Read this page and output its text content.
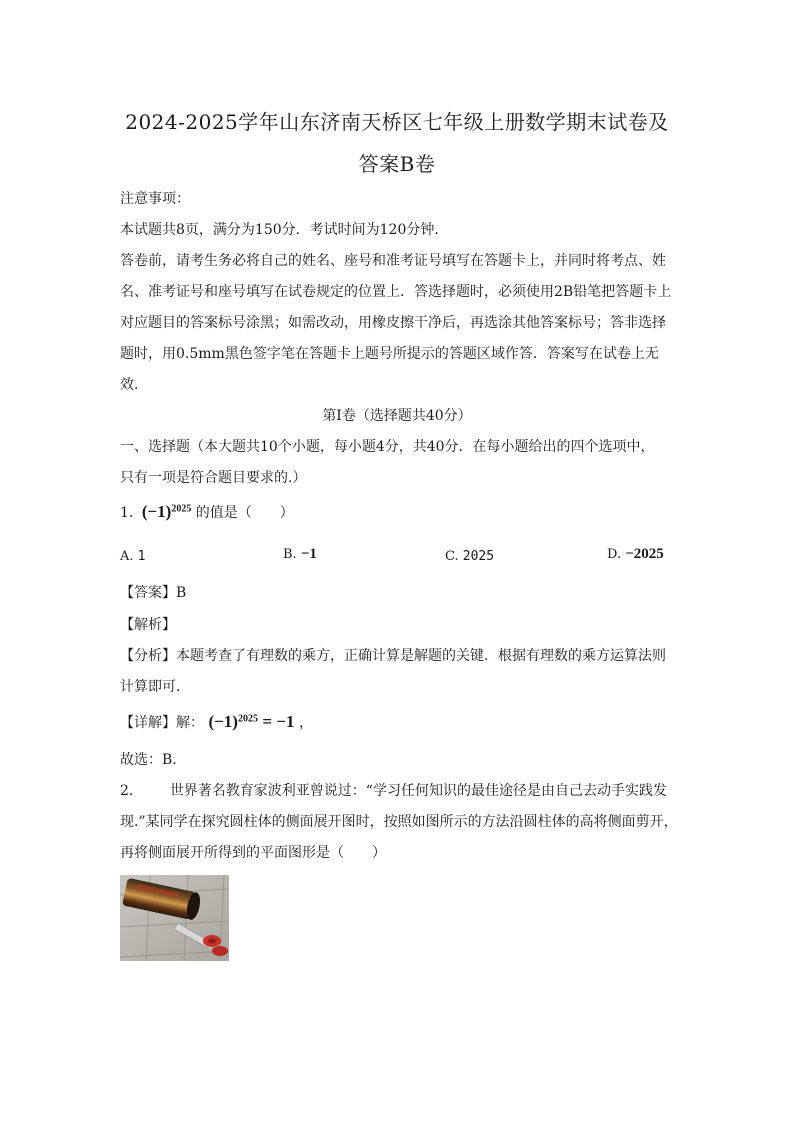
2024-2025学年山东济南天桥区七年级上册数学期末试卷及
答案B卷

注意事项：

本试题共8页，满分为150分．考试时间为120分钟．

答卷前，请考生务必将自己的姓名、座号和准考证号填写在答题卡上，并同时将考点、姓

名、准考证号和座号填写在试卷规定的位置上．答选择题时，必须使用2B铅笔把答题卡上

对应题目的答案标号涂黑；如需改动，用橡皮擦干净后，再选涂其他答案标号；答非选择

题时，用0.5mm黑色签字笔在答题卡上题号所提示的答题区域作答．答案写在试卷上无

效．

第Ⅰ卷（选择题共40分）

一、选择题（本大题共10个小题，每小题4分，共40分．在每小题给出的四个选项中，

只有一项是符合题目要求的.）

1. $(-1)^{2025}$ 的值是（　　）
A. 1	B. −1	C. 2025	D. −2025

【答案】B

【解析】

【分析】本题考查了有理数的乘方，正确计算是解题的关键．根据有理数的乘方运算法则

计算即可．

【详解】解： $(-1)^{2025} = -1$ ，

故选：B．

2.	世界著名教育家波利亚曾说过：“学习任何知识的最佳途径是由自己去动手实践发

现.”某同学在探究圆柱体的侧面展开图时，按照如图所示的方法沿圆柱体的高将侧面剪开，

再将侧面展开所得到的平面图形是（　　）
